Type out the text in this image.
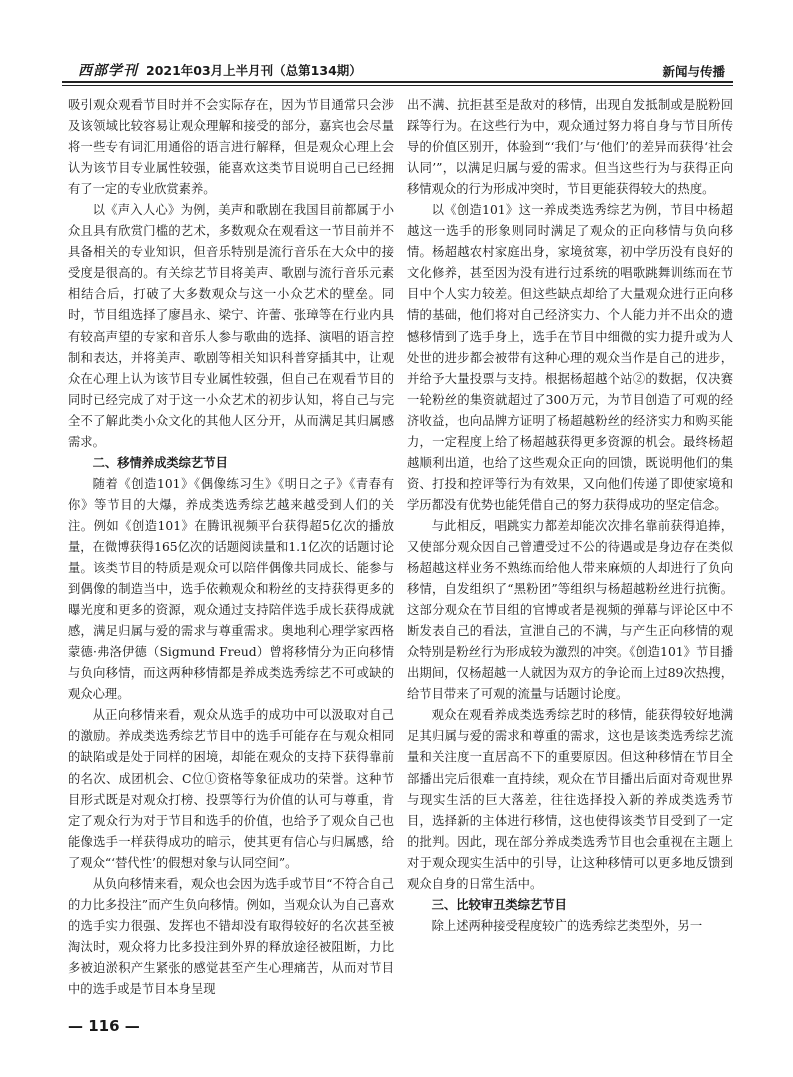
西部学刊 2021年03月上半月刊（总第134期）	新闻与传播

吸引观众观看节目时并不会实际存在，因为节目通常只会涉及该领域比较容易让观众理解和接受的部分，嘉宾也会尽量将一些专有词汇用通俗的语言进行解释，但是观众心理上会认为该节目专业属性较强，能喜欢这类节目说明自己已经拥有了一定的专业欣赏素养。

以《声入人心》为例，美声和歌剧在我国目前都属于小众且具有欣赏门槛的艺术，多数观众在观看这一节目前并不具备相关的专业知识，但音乐特别是流行音乐在大众中的接受度是很高的。有关综艺节目将美声、歌剧与流行音乐元素相结合后，打破了大多数观众与这一小众艺术的壁垒。同时，节目组选择了廖昌永、梁宁、许蕾、张璋等在行业内具有较高声望的专家和音乐人参与歌曲的选择、演唱的语言控制和表达，并将美声、歌剧等相关知识科普穿插其中，让观众在心理上认为该节目专业属性较强，但自己在观看节目的同时已经完成了对于这一小众艺术的初步认知，将自己与完全不了解此类小众文化的其他人区分开，从而满足其归属感需求。

二、移情养成类综艺节目

随着《创造101》《偶像练习生》《明日之子》《青春有你》等节目的大爆，养成类选秀综艺越来越受到人们的关注。例如《创造101》在腾讯视频平台获得超5亿次的播放量，在微博获得165亿次的话题阅读量和1.1亿次的话题讨论量。该类节目的特质是观众可以陪伴偶像共同成长、能参与到偶像的制造当中，选手依赖观众和粉丝的支持获得更多的曝光度和更多的资源，观众通过支持陪伴选手成长获得成就感，满足归属与爱的需求与尊重需求。奥地利心理学家西格蒙德·弗洛伊德（Sigmund Freud）曾将移情分为正向移情与负向移情，而这两种移情都是养成类选秀综艺不可或缺的观众心理。

从正向移情来看，观众从选手的成功中可以汲取对自己的激励。养成类选秀综艺节目中的选手可能存在与观众相同的缺陷或是处于同样的困境，却能在观众的支持下获得靠前的名次、成团机会、C位①资格等象征成功的荣誉。这种节目形式既是对观众打榜、投票等行为价值的认可与尊重，肯定了观众行为对于节目和选手的价值，也给予了观众自己也能像选手一样获得成功的暗示，使其更有信心与归属感，给了观众“‘替代性’的假想对象与认同空间”。

从负向移情来看，观众也会因为选手或节目“不符合自己的力比多投注”而产生负向移情。例如，当观众认为自己喜欢的选手实力很强、发挥也不错却没有取得较好的名次甚至被淘汰时，观众将力比多投注到外界的释放途径被阻断，力比多被迫淤积产生紧张的感觉甚至产生心理痛苦，从而对节目中的选手或是节目本身呈现

出不满、抗拒甚至是敌对的移情，出现自发抵制或是脱粉回踩等行为。在这些行为中，观众通过努力将自身与节目所传导的价值区别开，体验到“‘我们’与‘他们’的差异而获得‘社会认同’”，以满足归属与爱的需求。但当这些行为与获得正向移情观众的行为形成冲突时，节目更能获得较大的热度。

以《创造101》这一养成类选秀综艺为例，节目中杨超越这一选手的形象则同时满足了观众的正向移情与负向移情。杨超越农村家庭出身，家境贫寒，初中学历没有良好的文化修养，甚至因为没有进行过系统的唱歌跳舞训练而在节目中个人实力较差。但这些缺点却给了大量观众进行正向移情的基础，他们将对自己经济实力、个人能力并不出众的遗憾移情到了选手身上，选手在节目中细微的实力提升或为人处世的进步都会被带有这种心理的观众当作是自己的进步，并给予大量投票与支持。根据杨超越个站②的数据，仅决赛一轮粉丝的集资就超过了300万元，为节目创造了可观的经济收益，也向品牌方证明了杨超越粉丝的经济实力和购买能力，一定程度上给了杨超越获得更多资源的机会。最终杨超越顺利出道，也给了这些观众正向的回馈，既说明他们的集资、打投和控评等行为有效果，又向他们传递了即使家境和学历都没有优势也能凭借自己的努力获得成功的坚定信念。

与此相反，唱跳实力都差却能次次排名靠前获得追捧，又使部分观众因自己曾遭受过不公的待遇或是身边存在类似杨超越这样业务不熟练而给他人带来麻烦的人却进行了负向移情，自发组织了“黑粉团”等组织与杨超越粉丝进行抗衡。这部分观众在节目组的官博或者是视频的弹幕与评论区中不断发表自己的看法，宣泄自己的不满，与产生正向移情的观众特别是粉丝行为形成较为激烈的冲突。《创造101》节目播出期间，仅杨超越一人就因为双方的争论而上过89次热搜，给节目带来了可观的流量与话题讨论度。

观众在观看养成类选秀综艺时的移情，能获得较好地满足其归属与爱的需求和尊重的需求，这也是该类选秀综艺流量和关注度一直居高不下的重要原因。但这种移情在节目全部播出完后很难一直持续，观众在节目播出后面对奇观世界与现实生活的巨大落差，往往选择投入新的养成类选秀节目，选择新的主体进行移情，这也使得该类节目受到了一定的批判。因此，现在部分养成类选秀节目也会重视在主题上对于观众现实生活中的引导，让这种移情可以更多地反馈到观众自身的日常生活中。

三、比较审丑类综艺节目

除上述两种接受程度较广的选秀综艺类型外，另一

— 116 —
